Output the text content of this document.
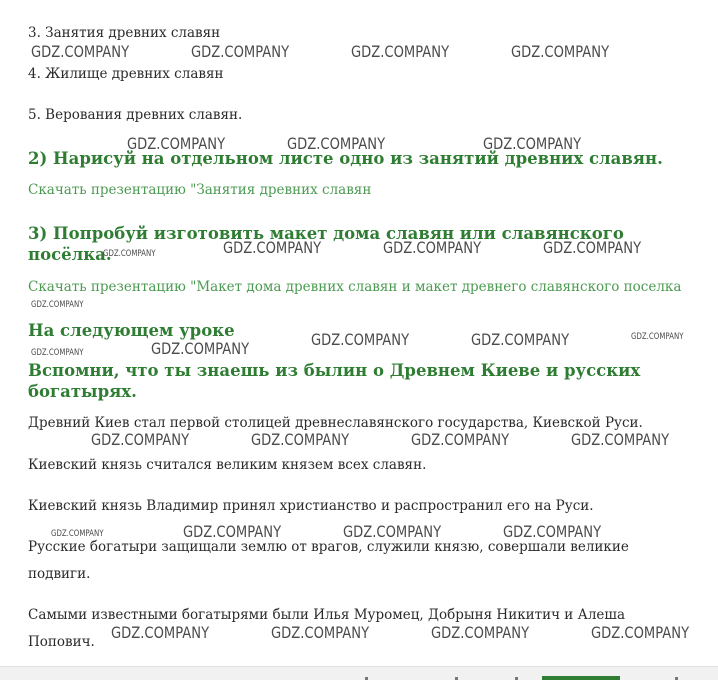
3. Занятия древних славян
4. Жилище древних славян
5. Верования древних славян.
2) Нарисуй на отдельном листе одно из занятий древних славян.
Скачать презентацию "Занятия древних славян
3) Попробуй изготовить макет дома славян или славянского посёлка.
Скачать презентацию "Макет дома древних славян и макет древнего славянского поселка
На следующем уроке
Вспомни, что ты знаешь из былин о Древнем Киеве и русских богатырях.
Древний Киев стал первой столицей древнеславянского государства, Киевской Руси.
Киевский князь считался великим князем всех славян.
Киевский князь Владимир принял христианство и распространил его на Руси.
Русские богатыри защищали землю от врагов, служили князю, совершали великие подвиги.
Самыми известными богатырями были Илья Муромец, Добрыня Никитич и Алеша Попович.
GDZ.COMPANY	GDZ.COMPANY	GDZ.COMPANY	GDZ.COMPANY
GDZ.COMPANY	GDZ.COMPANY	GDZ.COMPANY
GDZ.COMPANY	GDZ.COMPANY	GDZ.COMPANY
GDZ.COMPANY	GDZ.COMPANY
GDZ.COMPANY
GDZ.COMPANY	GDZ.COMPANY	GDZ.COMPANY	GDZ.COMPANY
GDZ.COMPANY	GDZ.COMPANY	GDZ.COMPANY
GDZ.COMPANY	GDZ.COMPANY	GDZ.COMPANY	GDZ.COMPANY
GDZ.COMPANY
GDZ.COMPANY
GDZ.COMPANY
GDZ.COMPANY
GDZ.COMPANY
